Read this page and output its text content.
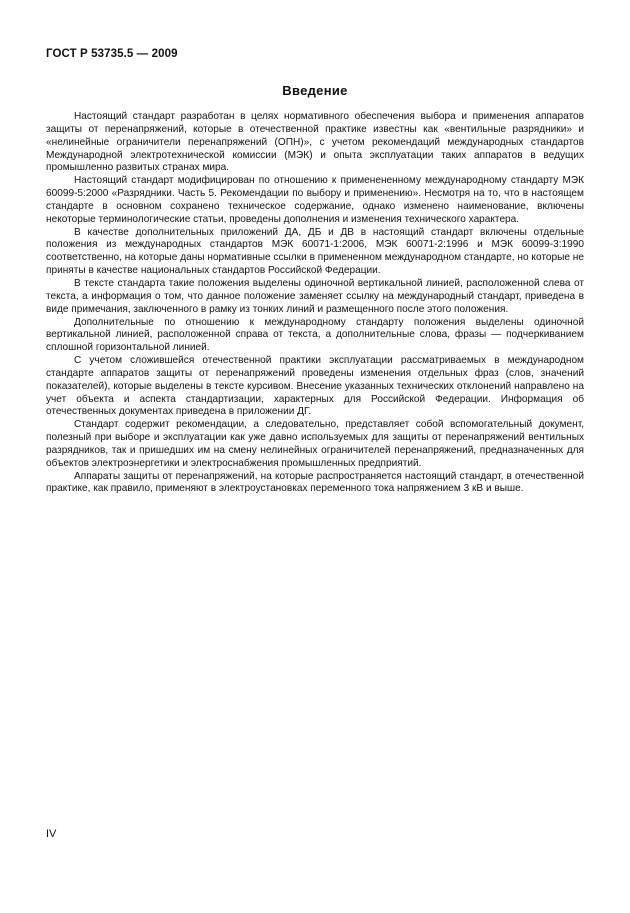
ГОСТ Р 53735.5 — 2009
Введение

Настоящий стандарт разработан в целях нормативного обеспечения выбора и применения аппаратов защиты от перенапряжений, которые в отечественной практике известны как «вентильные разрядники» и «нелинейные ограничители перенапряжений (ОПН)», с учетом рекомендаций международных стандартов Международной электротехнической комиссии (МЭК) и опыта эксплуатации таких аппаратов в ведущих промышленно развитых странах мира.

Настоящий стандарт модифицирован по отношению к применененному международному стандарту МЭК 60099-5:2000 «Разрядники. Часть 5. Рекомендации по выбору и применению». Несмотря на то, что в настоящем стандарте в основном сохранено техническое содержание, однако изменено наименование, включены некоторые терминологические статьи, проведены дополнения и изменения технического характера.

В качестве дополнительных приложений ДА, ДБ и ДВ в настоящий стандарт включены отдельные положения из международных стандартов МЭК 60071-1:2006, МЭК 60071-2:1996 и МЭК 60099-3:1990 соответственно, на которые даны нормативные ссылки в примененном международном стандарте, но которые не приняты в качестве национальных стандартов Российской Федерации.

В тексте стандарта такие положения выделены одиночной вертикальной линией, расположенной слева от текста, а информация о том, что данное положение заменяет ссылку на международный стандарт, приведена в виде примечания, заключенного в рамку из тонких линий и размещенного после этого положения.

Дополнительные по отношению к международному стандарту положения выделены одиночной вертикальной линией, расположенной справа от текста, а дополнительные слова, фразы — подчеркиванием сплошной горизонтальной линией.

С учетом сложившейся отечественной практики эксплуатации рассматриваемых в международном стандарте аппаратов защиты от перенапряжений проведены изменения отдельных фраз (слов, значений показателей), которые выделены в тексте курсивом. Внесение указанных технических отклонений направлено на учет объекта и аспекта стандартизации, характерных для Российской Федерации. Информация об отечественных документах приведена в приложении ДГ.

Стандарт содержит рекомендации, а следовательно, представляет собой вспомогательный документ, полезный при выборе и эксплуатации как уже давно используемых для защиты от перенапряжений вентильных разрядников, так и пришедших им на смену нелинейных ограничителей перенапряжений, предназначенных для объектов электроэнергетики и электроснабжения промышленных предприятий.

Аппараты защиты от перенапряжений, на которые распространяется настоящий стандарт, в отечественной практике, как правило, применяют в электроустановках переменного тока напряжением 3 кВ и выше.

IV
